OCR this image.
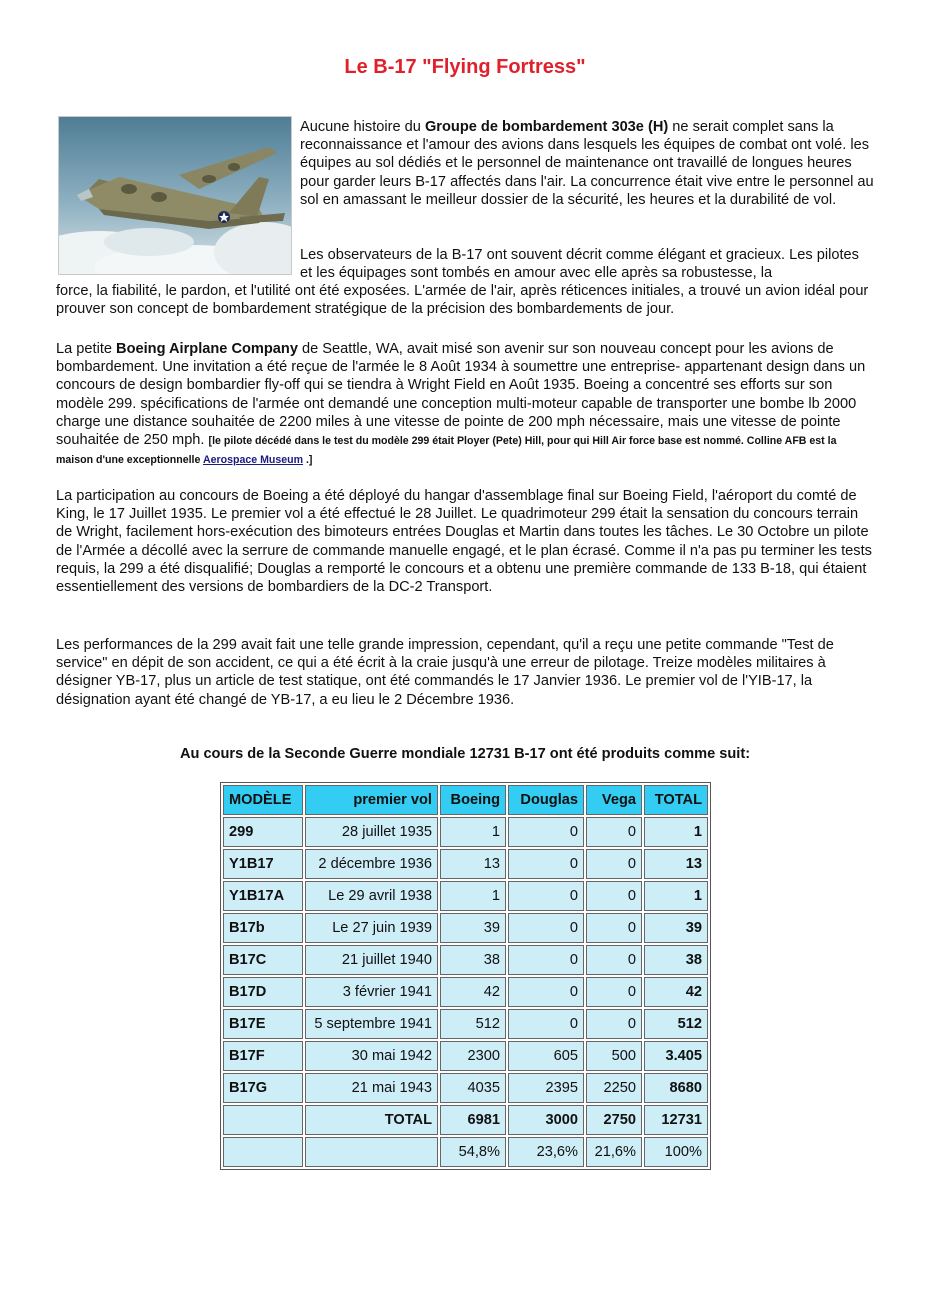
Le B-17 "Flying Fortress"
Aucune histoire du Groupe de bombardement 303e (H) ne serait complet sans la reconnaissance et l'amour des avions dans lesquels les équipes de combat ont volé. les équipes au sol dédiés et le personnel de maintenance ont travaillé de longues heures pour garder leurs B-17 affectés dans l'air. La concurrence était vive entre le personnel au sol en amassant le meilleur dossier de la sécurité, les heures et la durabilité de vol.
Les observateurs de la B-17 ont souvent décrit comme élégant et gracieux. Les pilotes et les équipages sont tombés en amour avec elle après sa robustesse, la
force, la fiabilité, le pardon, et l'utilité ont été exposées. L'armée de l'air, après réticences initiales, a trouvé un avion idéal pour prouver son concept de bombardement stratégique de la précision des bombardements de jour.
La petite Boeing Airplane Company de Seattle, WA, avait misé son avenir sur son nouveau concept pour les avions de bombardement. Une invitation a été reçue de l'armée le 8 Août 1934 à soumettre une entreprise- appartenant design dans un concours de design bombardier fly-off qui se tiendra à Wright Field en Août 1935. Boeing a concentré ses efforts sur son modèle 299. spécifications de l'armée ont demandé une conception multi-moteur capable de transporter une bombe lb 2000 charge une distance souhaitée de 2200 miles à une vitesse de pointe de 200 mph nécessaire, mais une vitesse de pointe souhaitée de 250 mph. [le pilote décédé dans le test du modèle 299 était Ployer (Pete) Hill, pour qui Hill Air force base est nommé. Colline AFB est la maison d'une exceptionnelle Aerospace Museum .]
La participation au concours de Boeing a été déployé du hangar d'assemblage final sur Boeing Field, l'aéroport du comté de King, le 17 Juillet 1935. Le premier vol a été effectué le 28 Juillet. Le quadrimoteur 299 était la sensation du concours terrain de Wright, facilement hors-exécution des bimoteurs entrées Douglas et Martin dans toutes les tâches. Le 30 Octobre un pilote de l'Armée a décollé avec la serrure de commande manuelle engagé, et le plan écrasé. Comme il n'a pas pu terminer les tests requis, la 299 a été disqualifié; Douglas a remporté le concours et a obtenu une première commande de 133 B-18, qui étaient essentiellement des versions de bombardiers de la DC-2 Transport.
Les performances de la 299 avait fait une telle grande impression, cependant, qu'il a reçu une petite commande "Test de service" en dépit de son accident, ce qui a été écrit à la craie jusqu'à une erreur de pilotage. Treize modèles militaires à désigner YB-17, plus un article de test statique, ont été commandés le 17 Janvier 1936. Le premier vol de l'YIB-17, la désignation ayant été changé de YB-17, a eu lieu le 2 Décembre 1936.
Au cours de la Seconde Guerre mondiale 12731 B-17 ont été produits comme suit:
MODÈLE	premier vol	Boeing	Douglas	Vega	TOTAL
299	28 juillet 1935	1	0	0	1
Y1B17	2 décembre 1936	13	0	0	13
Y1B17A	Le 29 avril 1938	1	0	0	1
B17b	Le 27 juin 1939	39	0	0	39
B17C	21 juillet 1940	38	0	0	38
B17D	3 février 1941	42	0	0	42
B17E	5 septembre 1941	512	0	0	512
B17F	30 mai 1942	2300	605	500	3.405
B17G	21 mai 1943	4035	2395	2250	8680
	TOTAL	6981	3000	2750	12731
		54,8%	23,6%	21,6%	100%
